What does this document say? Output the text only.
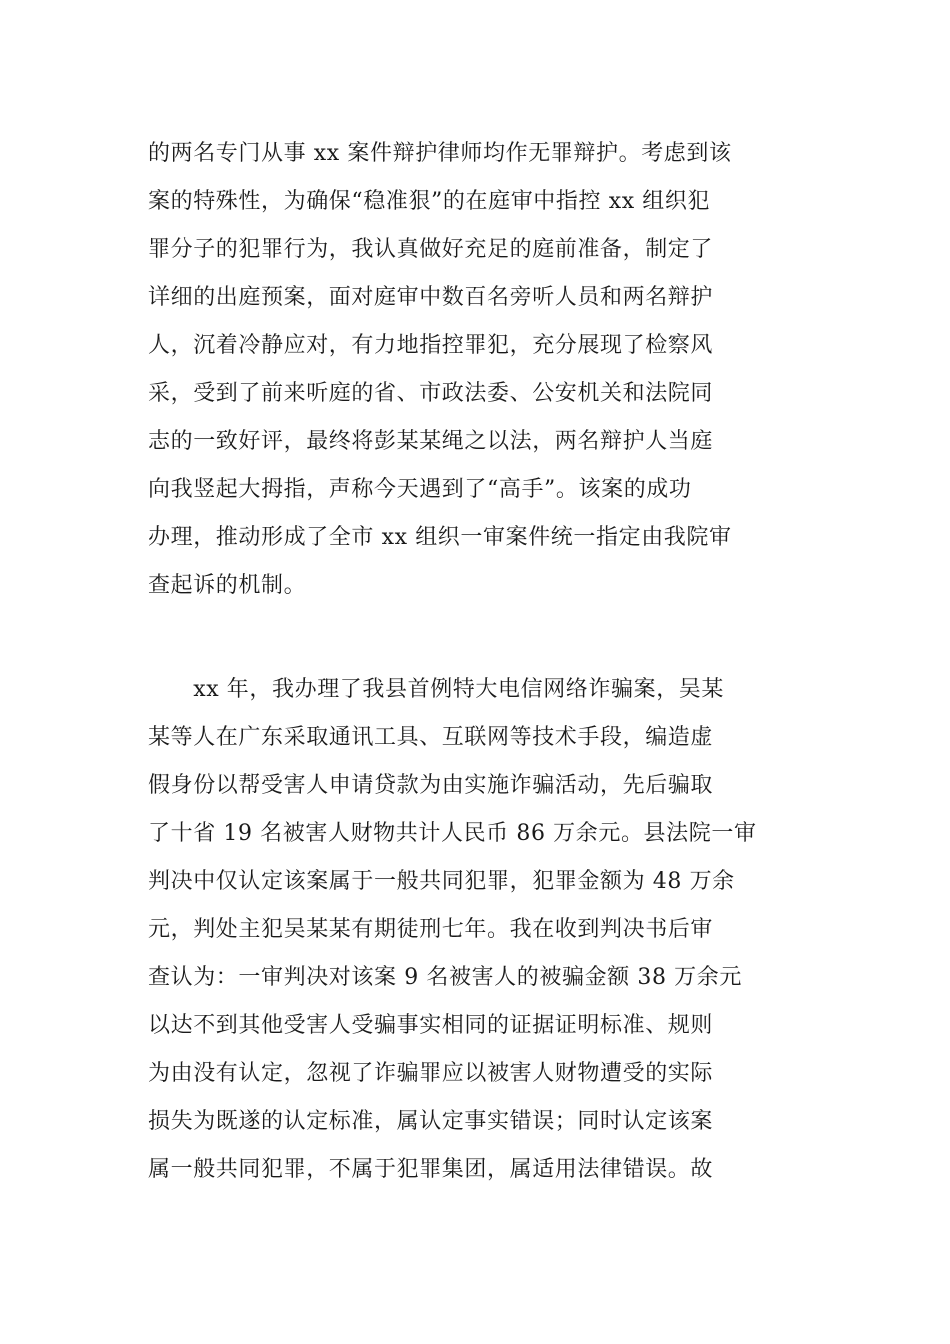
的两名专门从事 xx 案件辩护律师均作无罪辩护。考虑到该
案的特殊性，为确保“稳准狠”的在庭审中指控 xx 组织犯
罪分子的犯罪行为，我认真做好充足的庭前准备，制定了
详细的出庭预案，面对庭审中数百名旁听人员和两名辩护
人，沉着冷静应对，有力地指控罪犯，充分展现了检察风
采，受到了前来听庭的省、市政法委、公安机关和法院同
志的一致好评，最终将彭某某绳之以法，两名辩护人当庭
向我竖起大拇指，声称今天遇到了“高手”。该案的成功
办理，推动形成了全市 xx 组织一审案件统一指定由我院审
查起诉的机制。
　　xx 年，我办理了我县首例特大电信网络诈骗案，吴某
某等人在广东采取通讯工具、互联网等技术手段，编造虚
假身份以帮受害人申请贷款为由实施诈骗活动，先后骗取
了十省 19 名被害人财物共计人民币 86 万余元。县法院一审
判决中仅认定该案属于一般共同犯罪，犯罪金额为 48 万余
元，判处主犯吴某某有期徒刑七年。我在收到判决书后审
查认为：一审判决对该案 9 名被害人的被骗金额 38 万余元
以达不到其他受害人受骗事实相同的证据证明标准、规则
为由没有认定，忽视了诈骗罪应以被害人财物遭受的实际
损失为既遂的认定标准，属认定事实错误；同时认定该案
属一般共同犯罪，不属于犯罪集团，属适用法律错误。故
